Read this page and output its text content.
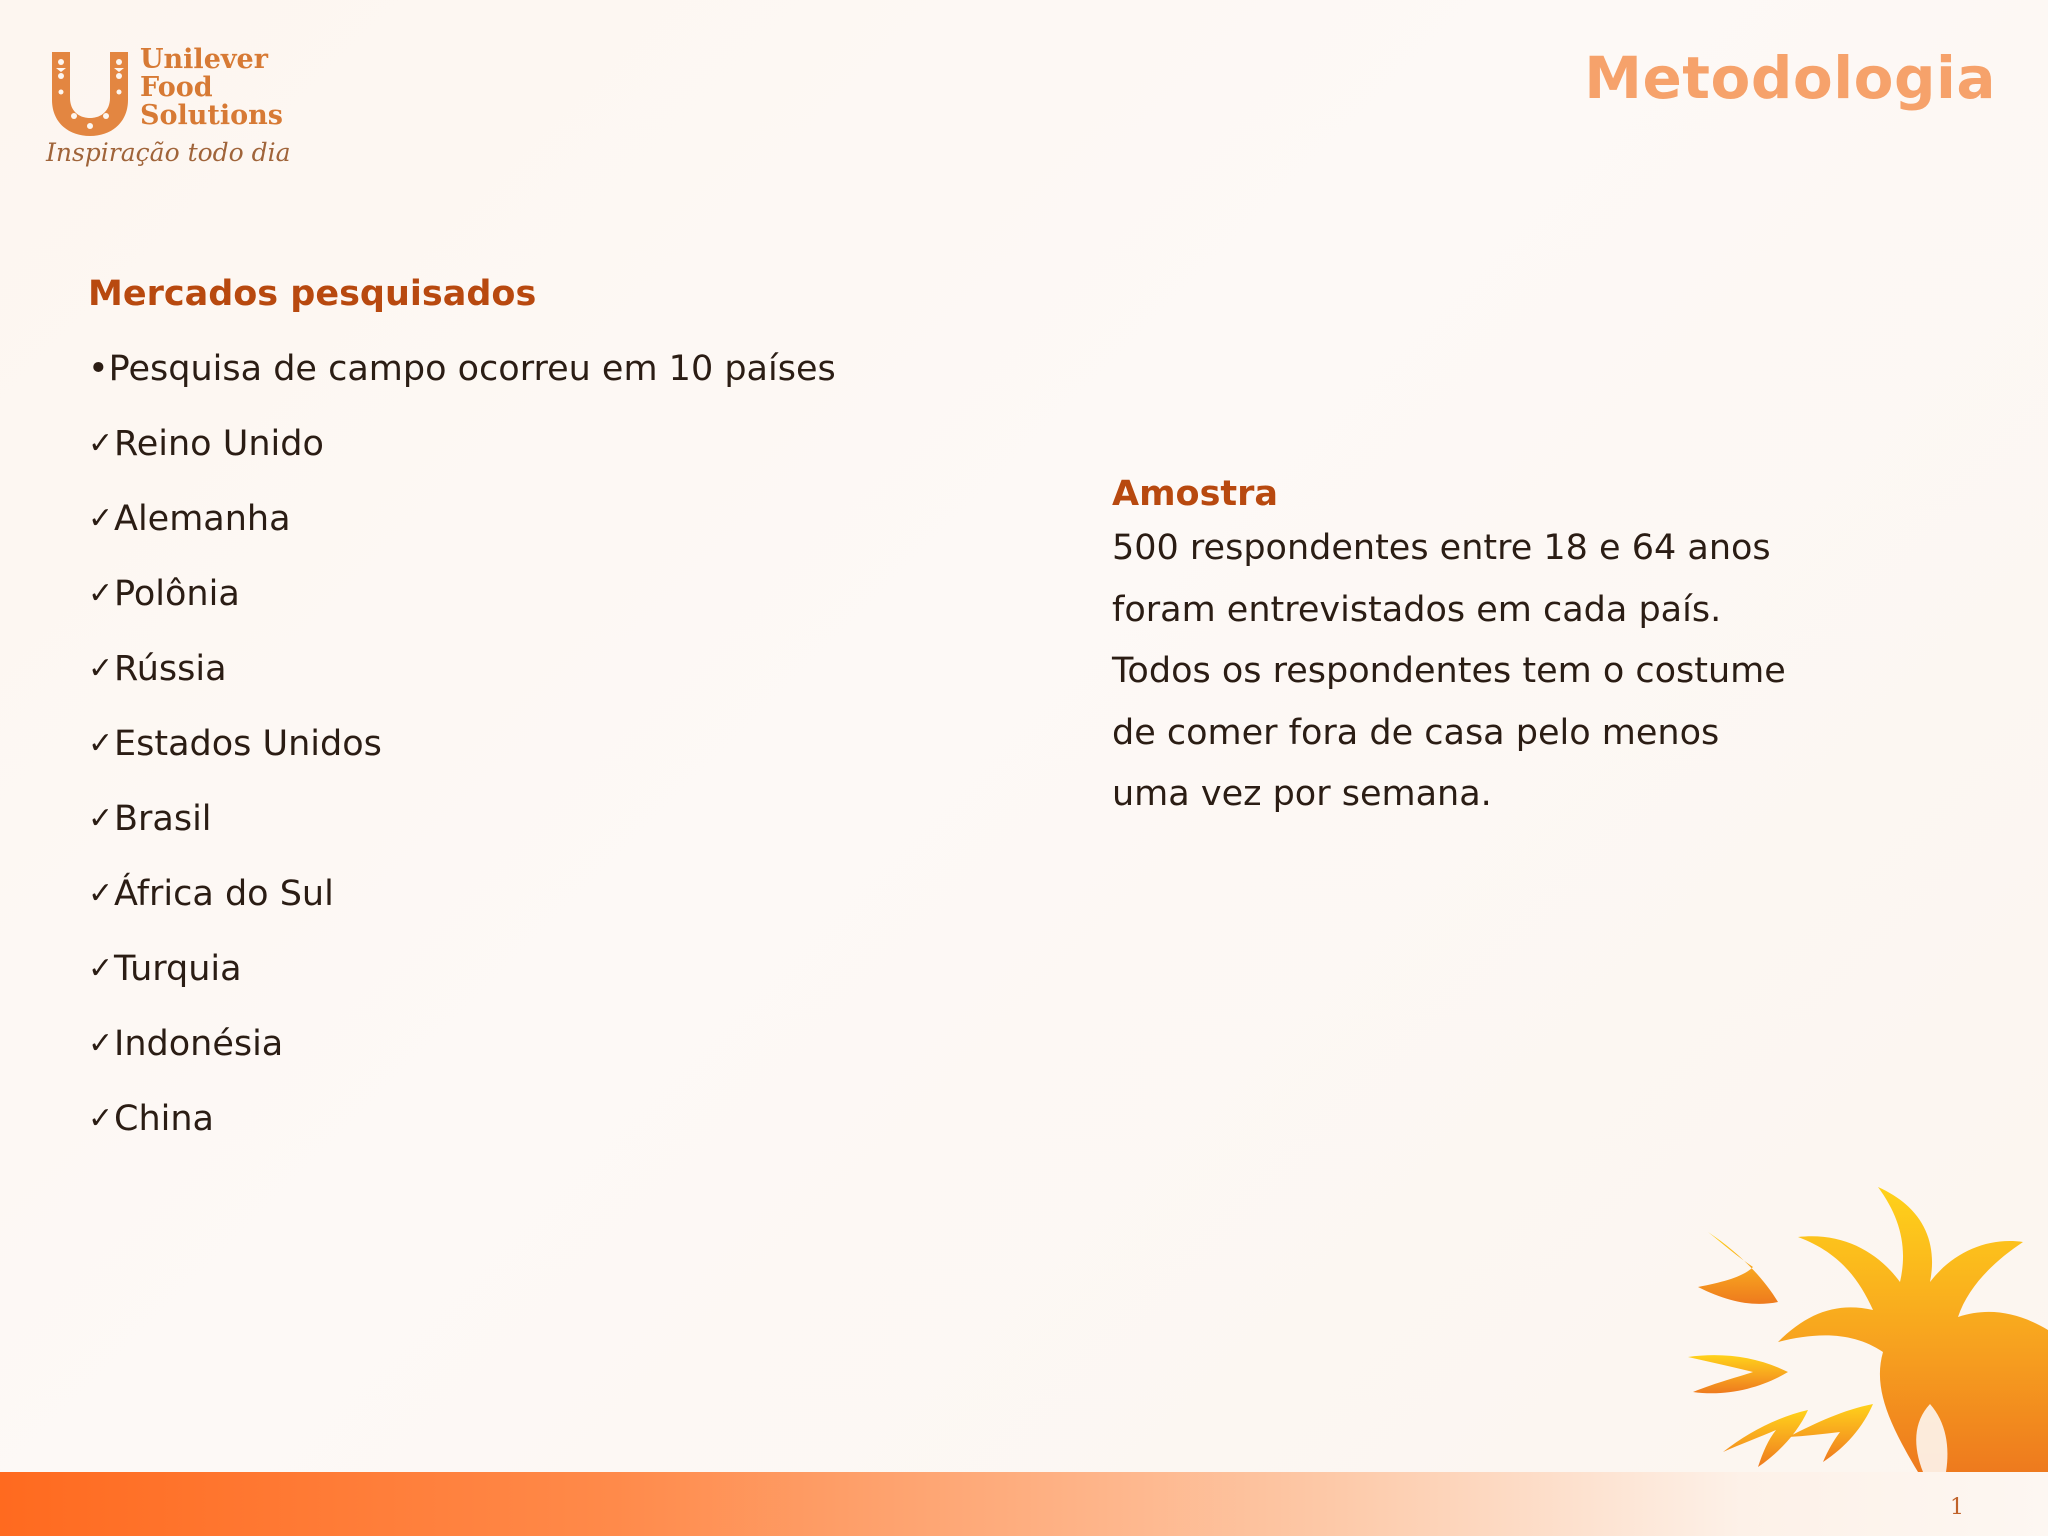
Unilever
Food
Solutions
Inspiração todo dia
Metodologia
Mercados pesquisados
•Pesquisa de campo ocorreu em 10 países
✓ Reino Unido
✓ Alemanha
✓ Polônia
✓ Rússia
✓ Estados Unidos
✓ Brasil
✓ África do Sul
✓ Turquia
✓ Indonésia
✓ China
Amostra
500 respondentes entre 18 e 64 anos
foram entrevistados em cada país.
Todos os respondentes tem o costume
de comer fora de casa pelo menos
uma vez por semana.
1
